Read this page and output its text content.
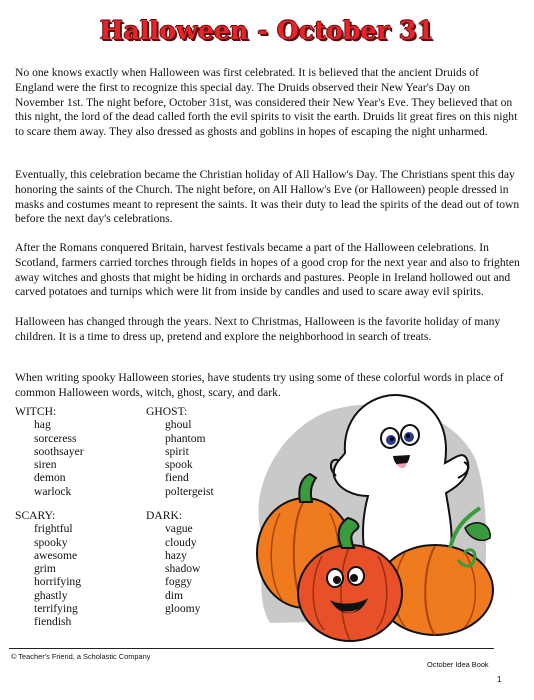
Halloween - October 31

No one knows exactly when Halloween was first celebrated. It is believed that the ancient Druids of England were the first to recognize this special day. The Druids observed their New Year's Day on November 1st. The night before, October 31st, was considered their New Year's Eve. They believed that on this night, the lord of the dead called forth the evil spirits to visit the earth. Druids lit great fires on this night to scare them away. They also dressed as ghosts and goblins in hopes of escaping the night unharmed.

Eventually, this celebration became the Christian holiday of All Hallow's Day. The Christians spent this day honoring the saints of the Church. The night before, on All Hallow's Eve (or Halloween) people dressed in masks and costumes meant to represent the saints. It was their duty to lead the spirits of the dead out of town before the next day's celebrations.

After the Romans conquered Britain, harvest festivals became a part of the Halloween celebrations. In Scotland, farmers carried torches through fields in hopes of a good crop for the next year and also to frighten away witches and ghosts that might be hiding in orchards and pastures. People in Ireland hollowed out and carved potatoes and turnips which were lit from inside by candles and used to scare away evil spirits.

Halloween has changed through the years. Next to Christmas, Halloween is the favorite holiday of many children. It is a time to dress up, pretend and explore the neighborhood in search of treats.

When writing spooky Halloween stories, have students try using some of these colorful words in place of common Halloween words, witch, ghost, scary, and dark.

WITCH:
hag
sorceress
soothsayer
siren
demon
warlock
GHOST:
ghoul
phantom
spirit
spook
fiend
poltergeist
SCARY:
frightful
spooky
awesome
grim
horrifying
ghastly
terrifying
fiendish
DARK:
vague
cloudy
hazy
shadow
foggy
dim
gloomy
© Teacher's Friend, a Scholastic Company
October Idea Book
1
